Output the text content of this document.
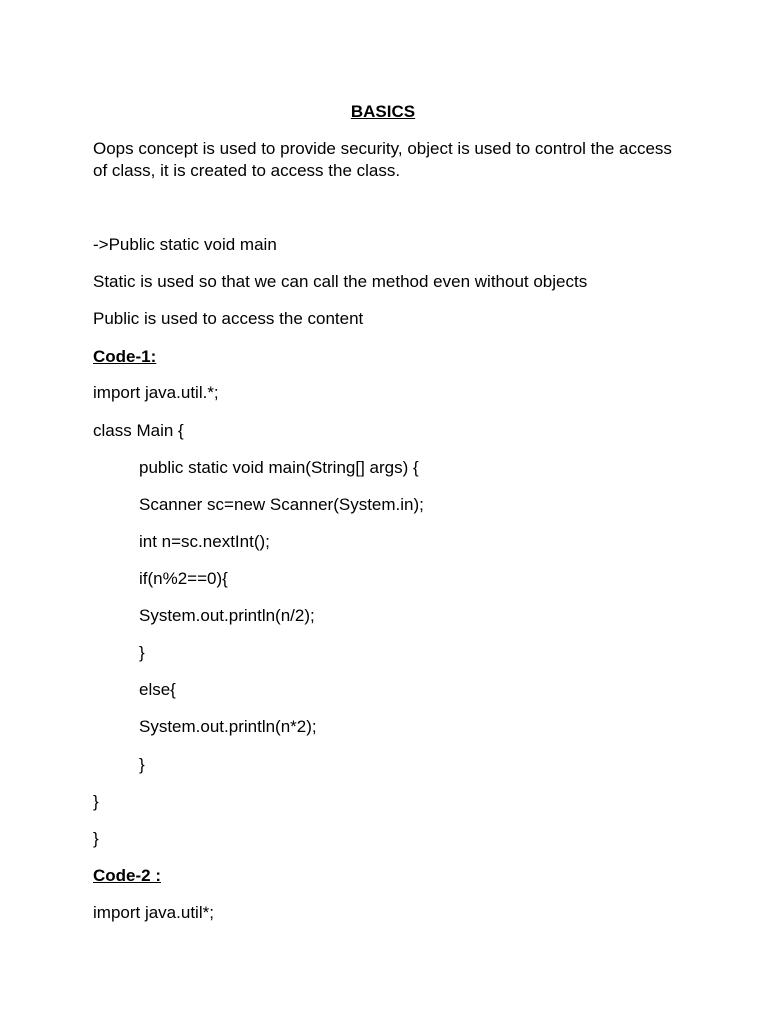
BASICS
Oops concept is used to provide security, object is used to control the access of class, it is created to access the class.
->Public static void main
Static is used so that we can call the method even without objects
Public is used to access the content
Code-1:
import java.util.*;
class Main {
public static void main(String[] args) {
Scanner sc=new Scanner(System.in);
int n=sc.nextInt();
if(n%2==0){
System.out.println(n/2);
}
else{
System.out.println(n*2);
}
}
}
Code-2 :
import java.util*;
